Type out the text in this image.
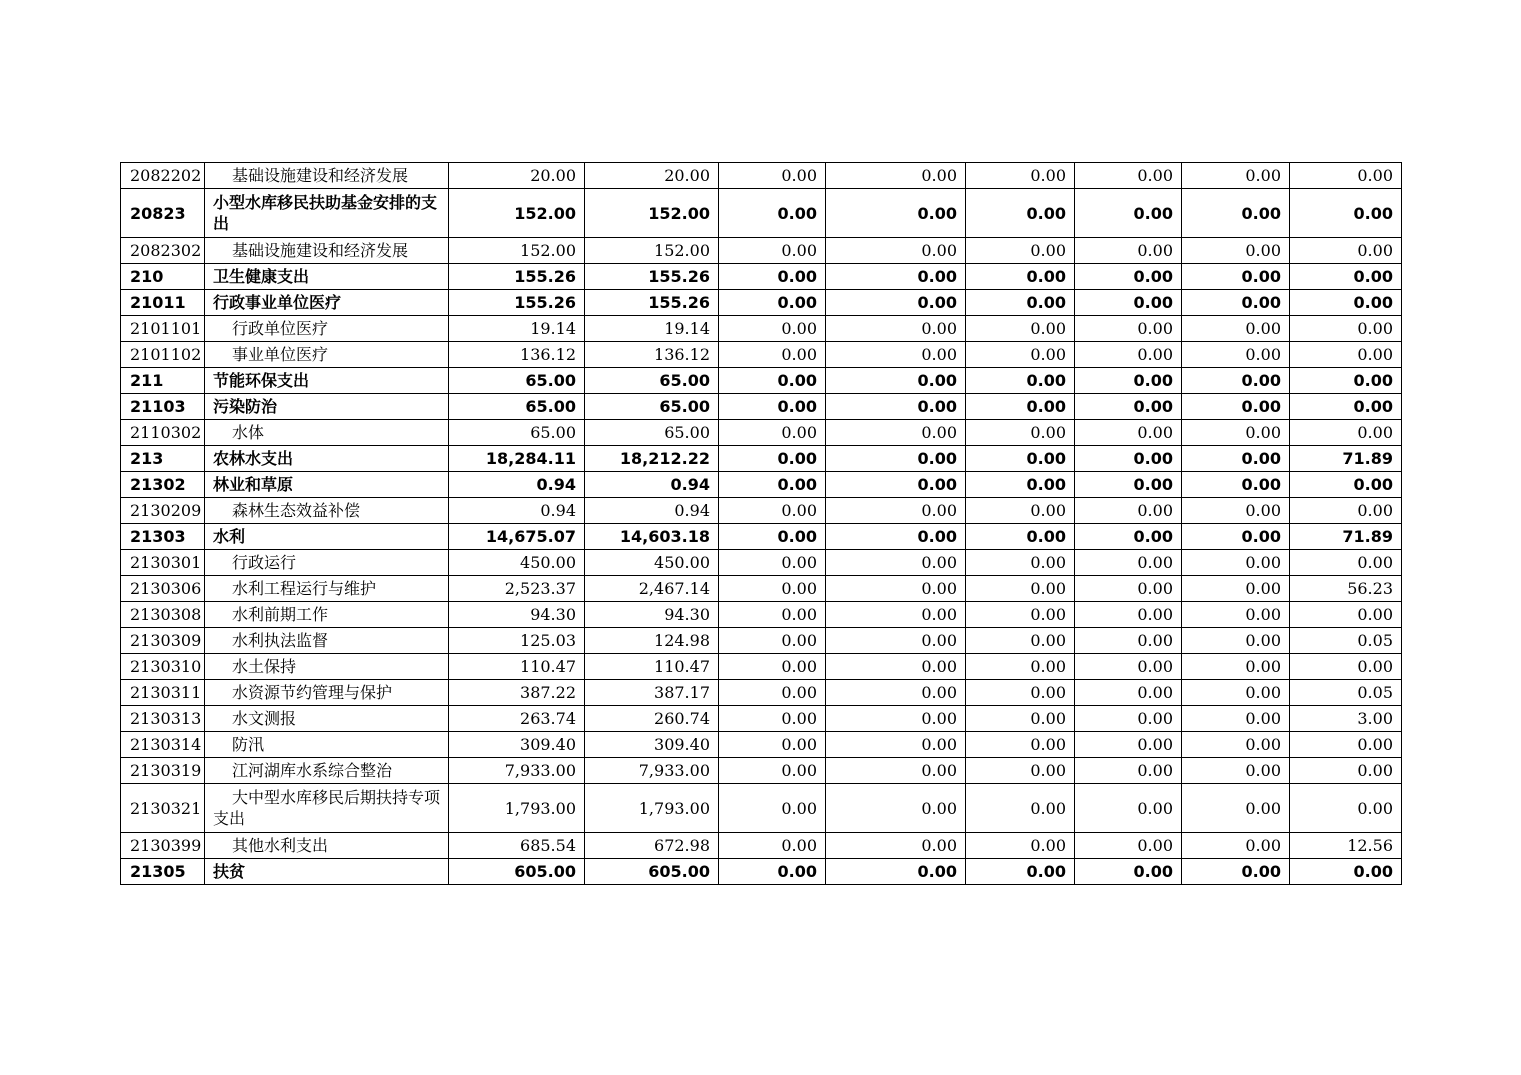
2082202	基础设施建设和经济发展	20.00	20.00	0.00	0.00	0.00	0.00	0.00	0.00
20823	小型水库移民扶助基金安排的支出	152.00	152.00	0.00	0.00	0.00	0.00	0.00	0.00
2082302	基础设施建设和经济发展	152.00	152.00	0.00	0.00	0.00	0.00	0.00	0.00
210	卫生健康支出	155.26	155.26	0.00	0.00	0.00	0.00	0.00	0.00
21011	行政事业单位医疗	155.26	155.26	0.00	0.00	0.00	0.00	0.00	0.00
2101101	行政单位医疗	19.14	19.14	0.00	0.00	0.00	0.00	0.00	0.00
2101102	事业单位医疗	136.12	136.12	0.00	0.00	0.00	0.00	0.00	0.00
211	节能环保支出	65.00	65.00	0.00	0.00	0.00	0.00	0.00	0.00
21103	污染防治	65.00	65.00	0.00	0.00	0.00	0.00	0.00	0.00
2110302	水体	65.00	65.00	0.00	0.00	0.00	0.00	0.00	0.00
213	农林水支出	18,284.11	18,212.22	0.00	0.00	0.00	0.00	0.00	71.89
21302	林业和草原	0.94	0.94	0.00	0.00	0.00	0.00	0.00	0.00
2130209	森林生态效益补偿	0.94	0.94	0.00	0.00	0.00	0.00	0.00	0.00
21303	水利	14,675.07	14,603.18	0.00	0.00	0.00	0.00	0.00	71.89
2130301	行政运行	450.00	450.00	0.00	0.00	0.00	0.00	0.00	0.00
2130306	水利工程运行与维护	2,523.37	2,467.14	0.00	0.00	0.00	0.00	0.00	56.23
2130308	水利前期工作	94.30	94.30	0.00	0.00	0.00	0.00	0.00	0.00
2130309	水利执法监督	125.03	124.98	0.00	0.00	0.00	0.00	0.00	0.05
2130310	水土保持	110.47	110.47	0.00	0.00	0.00	0.00	0.00	0.00
2130311	水资源节约管理与保护	387.22	387.17	0.00	0.00	0.00	0.00	0.00	0.05
2130313	水文测报	263.74	260.74	0.00	0.00	0.00	0.00	0.00	3.00
2130314	防汛	309.40	309.40	0.00	0.00	0.00	0.00	0.00	0.00
2130319	江河湖库水系综合整治	7,933.00	7,933.00	0.00	0.00	0.00	0.00	0.00	0.00
2130321	大中型水库移民后期扶持专项支出	1,793.00	1,793.00	0.00	0.00	0.00	0.00	0.00	0.00
2130399	其他水利支出	685.54	672.98	0.00	0.00	0.00	0.00	0.00	12.56
21305	扶贫	605.00	605.00	0.00	0.00	0.00	0.00	0.00	0.00
